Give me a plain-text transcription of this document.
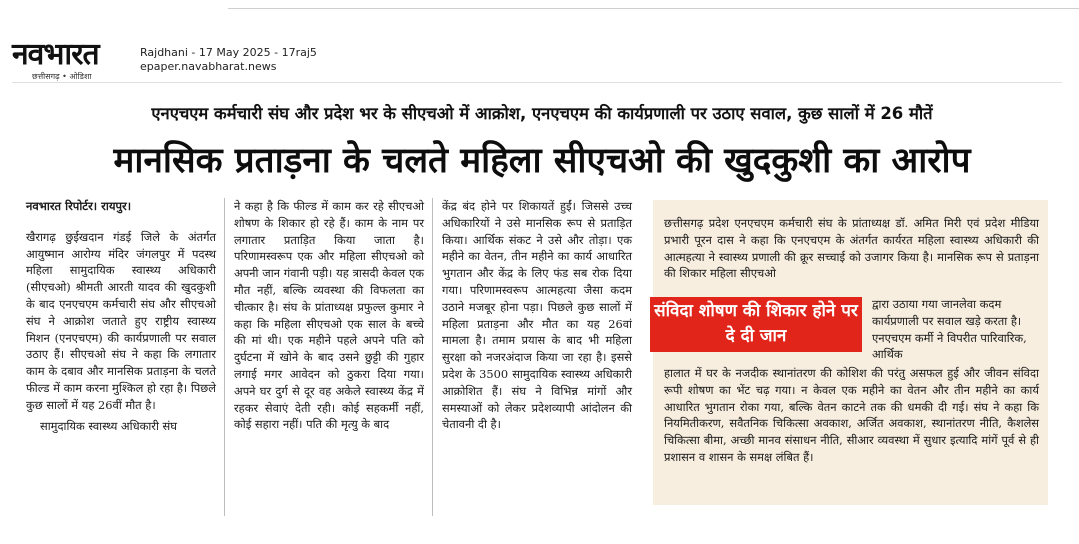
नवभारत
छत्तीसगढ़ • ओडिशा
Rajdhani - 17 May 2025 - 17raj5
epaper.navabharat.news
एनएचएम कर्मचारी संघ और प्रदेश भर के सीएचओ में आक्रोश, एनएचएम की कार्यप्रणाली पर उठाए सवाल, कुछ सालों में 26 मौतें
मानसिक प्रताड़ना के चलते महिला सीएचओ की खुदकुशी का आरोप
नवभारत रिपोर्टर। रायपुर।

खैरागढ़ छुईखदान गंडई जिले के अंतर्गत आयुष्मान आरोग्य मंदिर जंगलपुर में पदस्थ महिला सामुदायिक स्वास्थ्य अधिकारी (सीएचओ) श्रीमती आरती यादव की खुदकुशी के बाद एनएचएम कर्मचारी संघ और सीएचओ संघ ने आक्रोश जताते हुए राष्ट्रीय स्वास्थ्य मिशन (एनएचएम) की कार्यप्रणाली पर सवाल उठाए हैं। सीएचओ संघ ने कहा कि लगातार काम के दबाव और मानसिक प्रताड़ना के चलते फील्ड में काम करना मुश्किल हो रहा है। पिछले कुछ सालों में यह 26वीं मौत है।

सामुदायिक स्वास्थ्य अधिकारी संघ

ने कहा है कि फील्ड में काम कर रहे सीएचओ शोषण के शिकार हो रहे हैं। काम के नाम पर लगातार प्रताड़ित किया जाता है। परिणामस्वरूप एक और महिला सीएचओ को अपनी जान गंवानी पड़ी। यह त्रासदी केवल एक मौत नहीं, बल्कि व्यवस्था की विफलता का चीत्कार है। संघ के प्रांताध्यक्ष प्रफुल्ल कुमार ने कहा कि महिला सीएचओ एक साल के बच्चे की मां थी। एक महीने पहले अपने पति को दुर्घटना में खोने के बाद उसने छुट्टी की गुहार लगाई मगर आवेदन को ठुकरा दिया गया। अपने घर दुर्ग से दूर वह अकेले स्वास्थ्य केंद्र में रहकर सेवाएं देती रही। कोई सहकर्मी नहीं, कोई सहारा नहीं। पति की मृत्यु के बाद

केंद्र बंद होने पर शिकायतें हुईं। जिससे उच्च अधिकारियों ने उसे मानसिक रूप से प्रताड़ित किया। आर्थिक संकट ने उसे और तोड़ा। एक महीने का वेतन, तीन महीने का कार्य आधारित भुगतान और केंद्र के लिए फंड सब रोक दिया गया। परिणामस्वरूप आत्महत्या जैसा कदम उठाने मजबूर होना पड़ा। पिछले कुछ सालों में महिला प्रताड़ना और मौत का यह 26वां मामला है। तमाम प्रयास के बाद भी महिला सुरक्षा को नजरअंदाज किया जा रहा है। इससे प्रदेश के 3500 सामुदायिक स्वास्थ्य अधिकारी आक्रोशित हैं। संघ ने विभिन्न मांगों और समस्याओं को लेकर प्रदेशव्यापी आंदोलन की चेतावनी दी है।

छत्तीसगढ़ प्रदेश एनएचएम कर्मचारी संघ के प्रांताध्यक्ष डॉ. अमित मिरी एवं प्रदेश मीडिया प्रभारी पूरन दास ने कहा कि एनएचएम के अंतर्गत कार्यरत महिला स्वास्थ्य अधिकारी की आत्महत्या ने स्वास्थ्य प्रणाली की क्रूर सच्चाई को उजागर किया है। मानसिक रूप से प्रताड़ना की शिकार महिला सीएचओ

संविदा शोषण की शिकार होने पर दे दी जान
द्वारा उठाया गया जानलेवा कदम कार्यप्रणाली पर सवाल खड़े करता है। एनएचएम कर्मी ने विपरीत पारिवारिक, आर्थिक

हालात में घर के नजदीक स्थानांतरण की कोशिश की परंतु असफल हुई और जीवन संविदा रूपी शोषण का भेंट चढ़ गया। न केवल एक महीने का वेतन और तीन महीने का कार्य आधारित भुगतान रोका गया, बल्कि वेतन काटने तक की धमकी दी गई। संघ ने कहा कि नियमितीकरण, सवैतनिक चिकित्सा अवकाश, अर्जित अवकाश, स्थानांतरण नीति, कैशलेस चिकित्सा बीमा, अच्छी मानव संसाधन नीति, सीआर व्यवस्था में सुधार इत्यादि मांगें पूर्व से ही प्रशासन व शासन के समक्ष लंबित हैं।
